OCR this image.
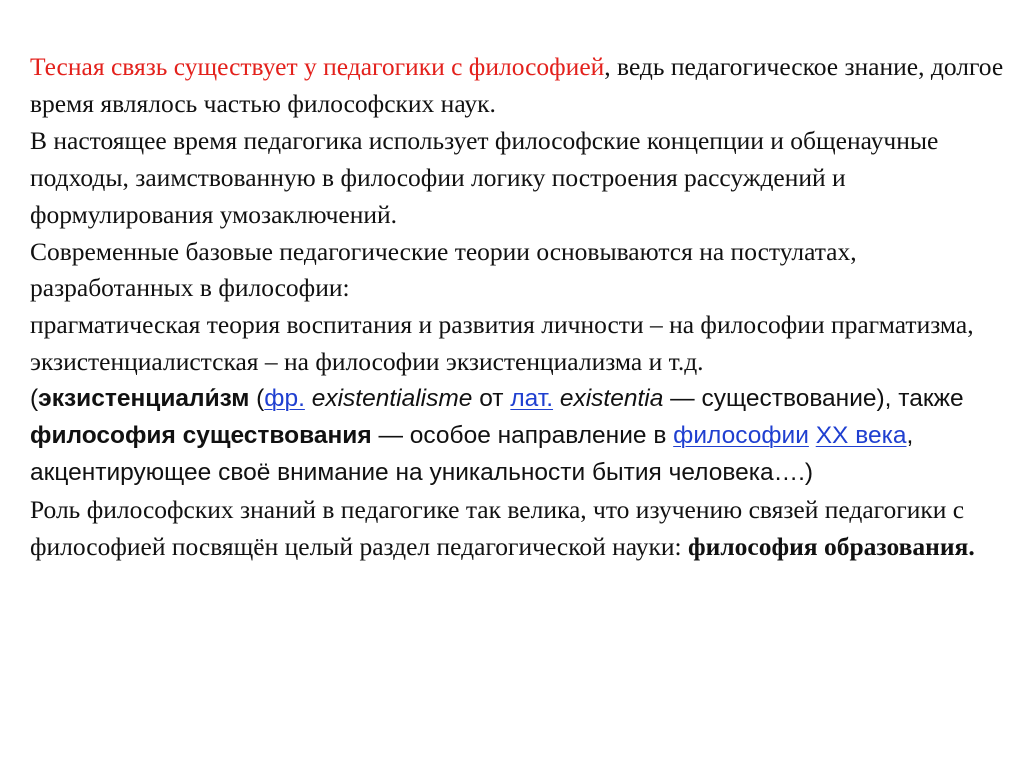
Тесная связь существует у педагогики с философией, ведь педагогическое знание, долгое время являлось частью философских наук.

В настоящее время педагогика использует философские концепции и общенаучные подходы, заимствованную в философии логику построения рассуждений и формулирования умозаключений.

Современные базовые педагогические теории основываются на постулатах, разработанных в философии:

прагматическая теория воспитания и развития личности – на философии прагматизма,

экзистенциалистская – на философии экзистенциализма и т.д.

(экзистенциали́зм (фр. existentialisme от лат. existentia — существование), также философия существования — особое направление в философии XX века, акцентирующее своё внимание на уникальности бытия человека….)

Роль философских знаний в педагогике так велика, что изучению связей педагогики с философией посвящён целый раздел педагогической науки: философия образования.
